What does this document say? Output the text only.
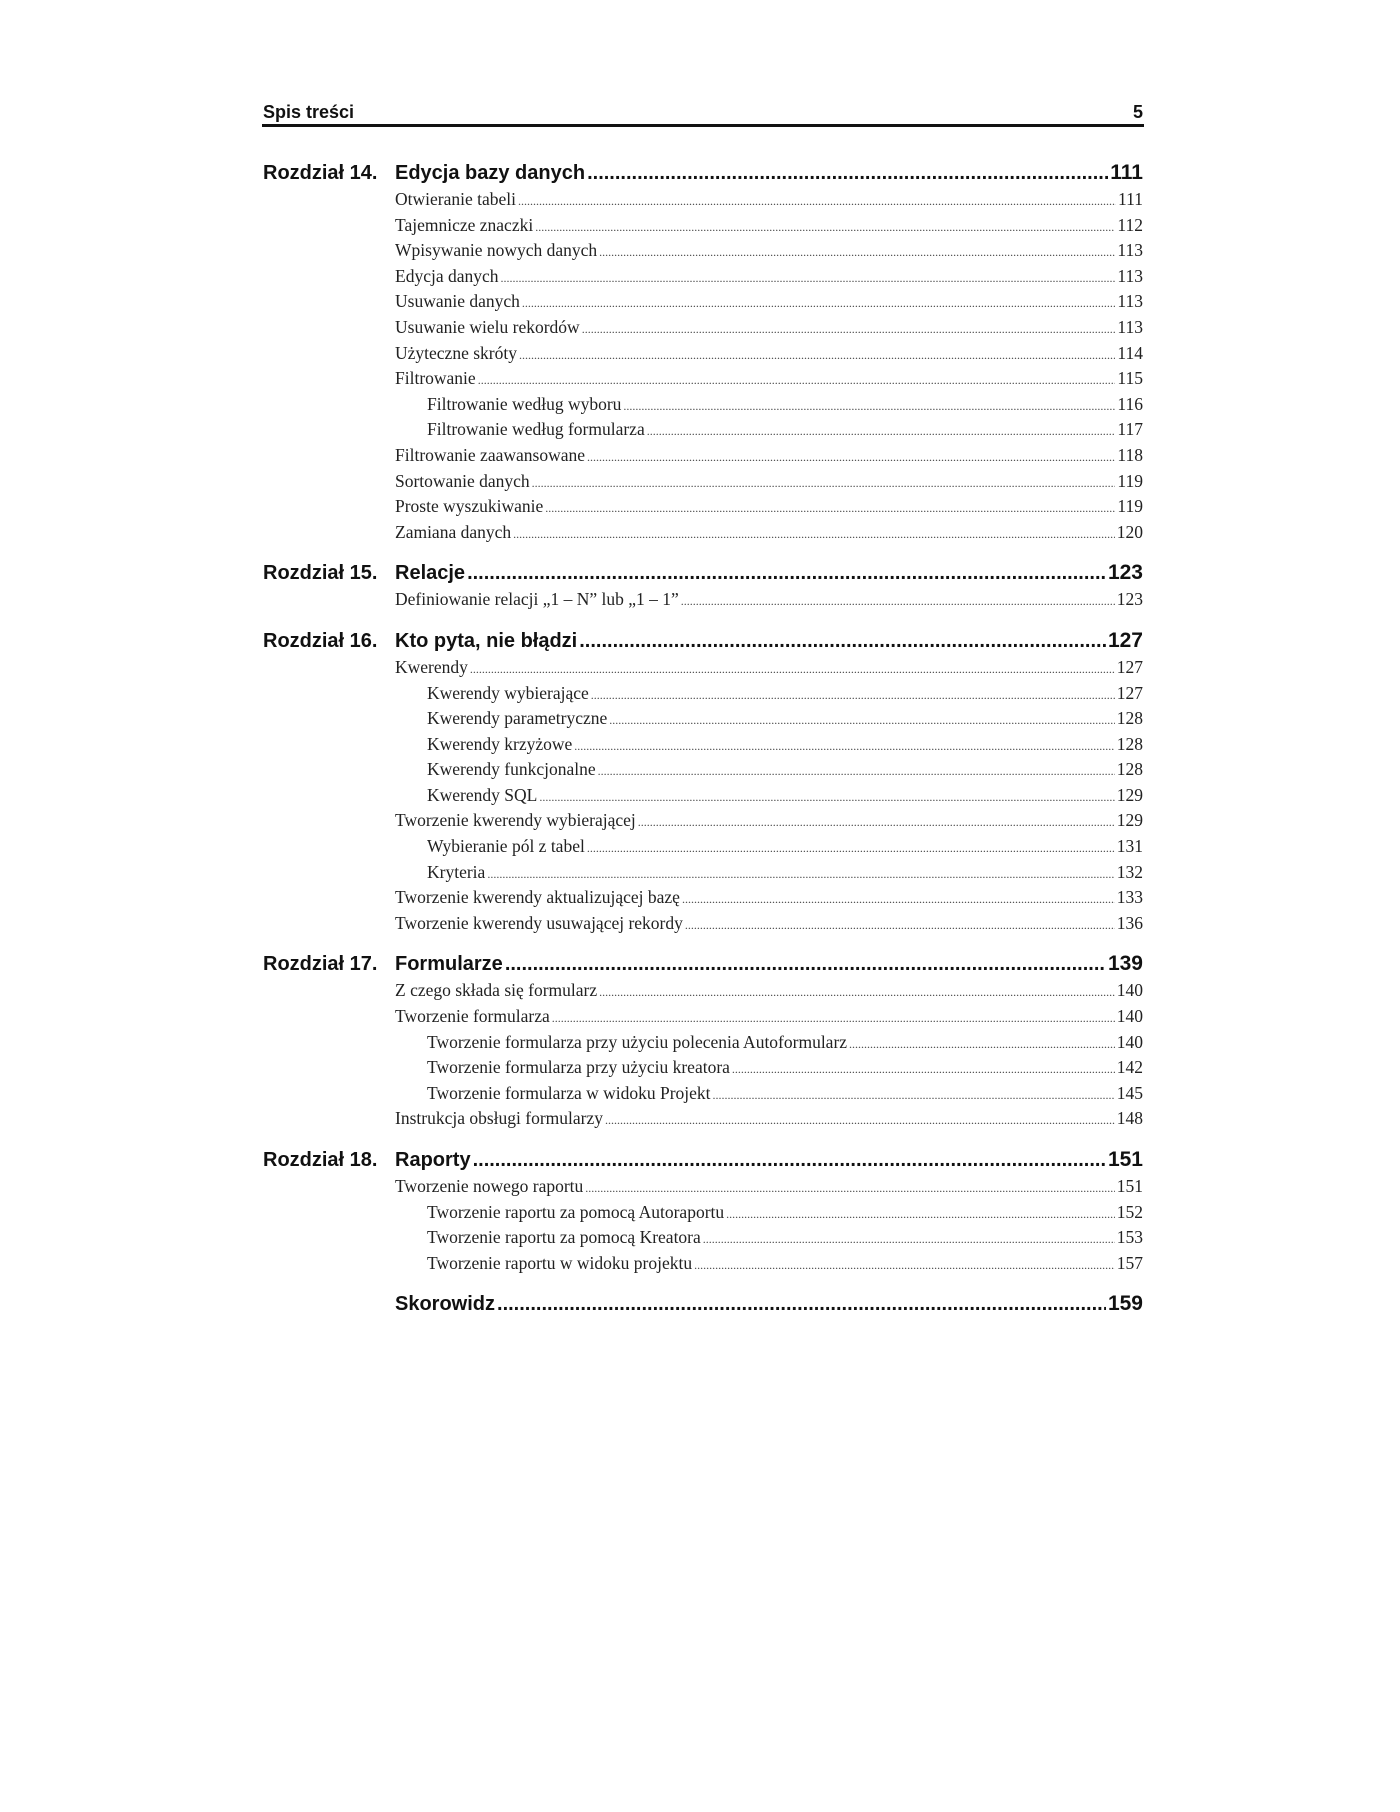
Spis treści	5
Rozdział 14. Edycja bazy danych .....	111
Otwieranie tabeli .....	111
Tajemnicze znaczki .....	112
Wpisywanie nowych danych .....	113
Edycja danych .....	113
Usuwanie danych .....	113
Usuwanie wielu rekordów .....	113
Użyteczne skróty .....	114
Filtrowanie .....	115
Filtrowanie według wyboru .....	116
Filtrowanie według formularza .....	117
Filtrowanie zaawansowane .....	118
Sortowanie danych .....	119
Proste wyszukiwanie .....	119
Zamiana danych .....	120
Rozdział 15. Relacje .....	123
Definiowanie relacji „1 – N” lub „1 – 1” .....	123
Rozdział 16. Kto pyta, nie błądzi .....	127
Kwerendy .....	127
Kwerendy wybierające .....	127
Kwerendy parametryczne .....	128
Kwerendy krzyżowe .....	128
Kwerendy funkcjonalne .....	128
Kwerendy SQL .....	129
Tworzenie kwerendy wybierającej .....	129
Wybieranie pól z tabel .....	131
Kryteria .....	132
Tworzenie kwerendy aktualizującej bazę .....	133
Tworzenie kwerendy usuwającej rekordy .....	136
Rozdział 17. Formularze .....	139
Z czego składa się formularz .....	140
Tworzenie formularza .....	140
Tworzenie formularza przy użyciu polecenia Autoformularz .....	140
Tworzenie formularza przy użyciu kreatora .....	142
Tworzenie formularza w widoku Projekt .....	145
Instrukcja obsługi formularzy .....	148
Rozdział 18. Raporty .....	151
Tworzenie nowego raportu .....	151
Tworzenie raportu za pomocą Autoraportu .....	152
Tworzenie raportu za pomocą Kreatora .....	153
Tworzenie raportu w widoku projektu .....	157
Skorowidz .....	159
